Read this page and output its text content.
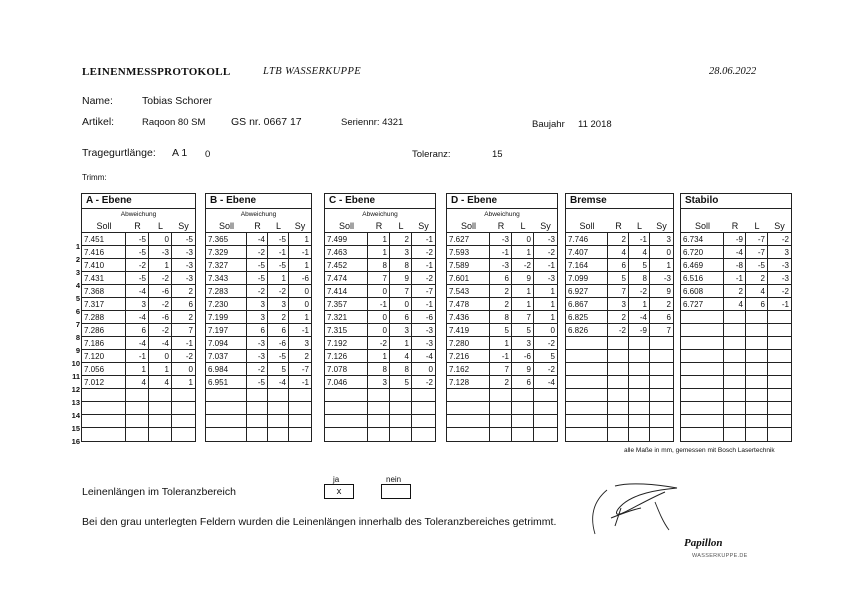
LEINENMESSPROTOKOLL	LTB WASSERKUPPE	28.06.2022
Name:	Tobias Schorer
Artikel:	Raqoon 80 SM GS nr. 0667 17	Seriennr: 4321	Baujahr 11 2018
Tragegurtlänge: A 1 0	Toleranz:	15
Trimm:
1
2
3
4
5
6
7
8
9
10
11
12
13
14
15
16
A - Ebene
Abweichung
Soll	R	L	Sy
7.451	-5	0	-5
7.416	-5	-3	-3
7.410	-2	1	-3
7.431	-5	-2	-3
7.368	-4	-6	2
7.317	3	-2	6
7.288	-4	-6	2
7.286	6	-2	7
7.186	-4	-4	-1
7.120	-1	0	-2
7.056	1	1	0
7.012	4	4	1
B - Ebene
Abweichung
Soll	R	L	Sy
7.365	-4	-5	1
7.329	-2	-1	-1
7.327	-5	-5	1
7.343	-5	1	-6
7.283	-2	-2	0
7.230	3	3	0
7.199	3	2	1
7.197	6	6	-1
7.094	-3	-6	3
7.037	-3	-5	2
6.984	-2	5	-7
6.951	-5	-4	-1
C - Ebene
Abweichung
Soll	R	L	Sy
7.499	1	2	-1
7.463	1	3	-2
7.452	8	8	-1
7.474	7	9	-2
7.414	0	7	-7
7.357	-1	0	-1
7.321	0	6	-6
7.315	0	3	-3
7.192	-2	1	-3
7.126	1	4	-4
7.078	8	8	0
7.046	3	5	-2
D - Ebene
Abweichung
Soll	R	L	Sy
7.627	-3	0	-3
7.593	-1	1	-2
7.589	-3	-2	-1
7.601	6	9	-3
7.543	2	1	1
7.478	2	1	1
7.436	8	7	1
7.419	5	5	0
7.280	1	3	-2
7.216	-1	-6	5
7.162	7	9	-2
7.128	2	6	-4
Bremse
Soll	R	L	Sy
7.746	2	-1	3
7.407	4	4	0
7.164	6	5	1
7.099	5	8	-3
6.927	7	-2	9
6.867	3	1	2
6.825	2	-4	6
6.826	-2	-9	7
Stabilo
Soll	R	L	Sy
6.734	-9	-7	-2
6.720	-4	-7	3
6.469	-8	-5	-3
6.516	-1	2	-3
6.608	2	4	-2
6.727	4	6	-1
alle Maße in mm, gemessen mit Bosch Lasertechnik
ja	nein
x
Leinenlängen im Toleranzbereich
Bei den grau unterlegten Feldern wurden die Leinenlängen innerhalb des Toleranzbereiches getrimmt.
Papillon
WASSERKUPPE.DE
